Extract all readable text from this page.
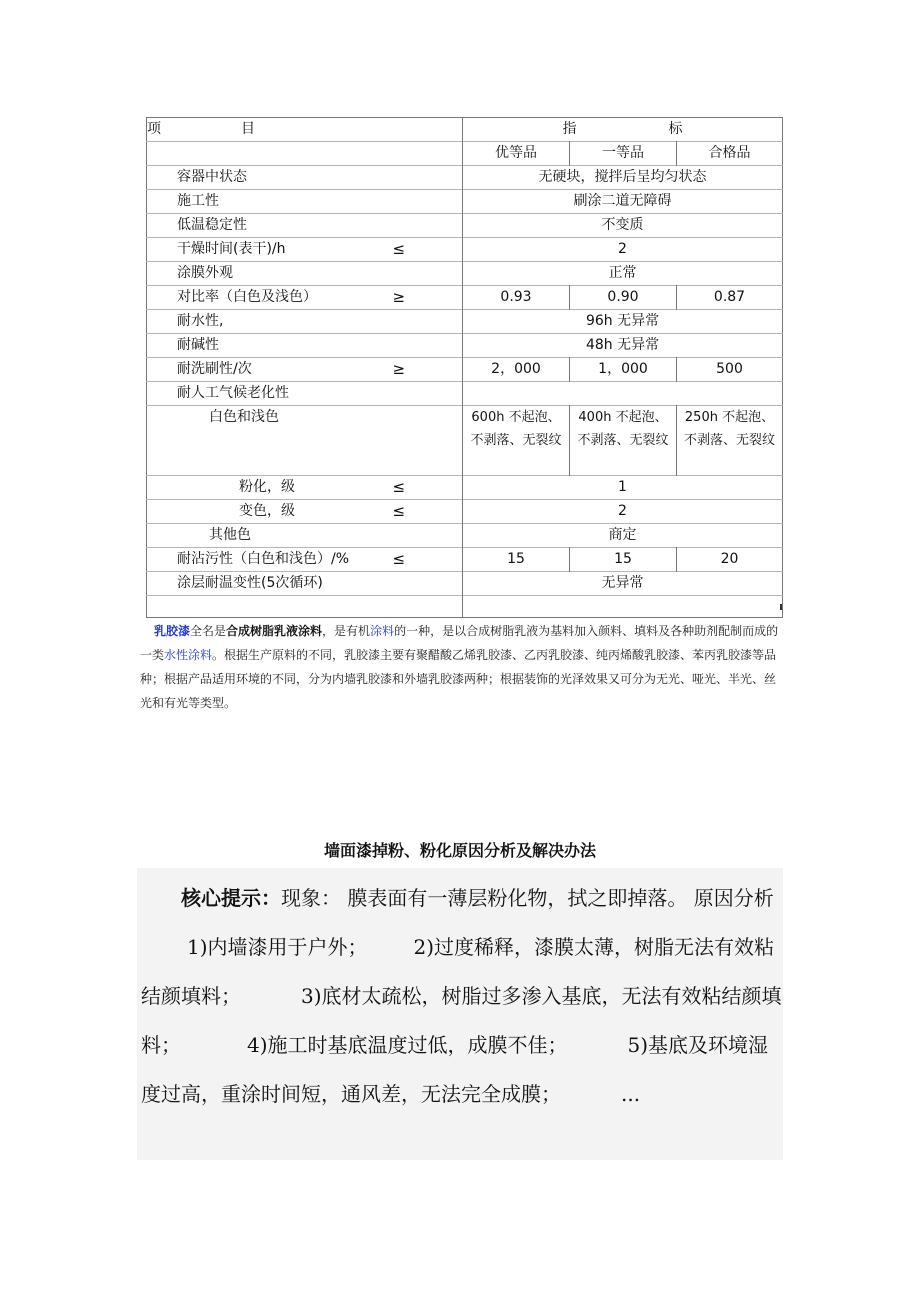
项 目		指 标		
		优等品	一等品	合格品
容器中状态		无硬块，搅拌后呈均匀状态		
施工性		刷涂二道无障碍		
低温稳定性		不变质		
干燥时间(表干)/h	≤	2		
涂膜外观		正常		
对比率（白色及浅色）	≥	0.93	0.90	0.87
耐水性,		96h 无异常		
耐碱性		48h 无异常		
耐洗刷性/次	≥	2，000	1，000	500
耐人工气候老化性				
白色和浅色		600h 不起泡、不剥落、无裂纹	400h 不起泡、不剥落、无裂纹	250h 不起泡、不剥落、无裂纹
粉化，级	≤	1		
变色，级	≤	2		
其他色		商定		
耐沾污性（白色和浅色）/%	≤	15	15	20
涂层耐温变性(5次循环)		无异常		

乳胶漆全名是合成树脂乳液涂料，是有机涂料的一种，是以合成树脂乳液为基料加入颜料、填料及各种助剂配制而成的一类水性涂料。根据生产原料的不同，乳胶漆主要有聚醋酸乙烯乳胶漆、乙丙乳胶漆、纯丙烯酸乳胶漆、苯丙乳胶漆等品种；根据产品适用环境的不同，分为内墙乳胶漆和外墙乳胶漆两种；根据装饰的光泽效果又可分为无光、哑光、半光、丝光和有光等类型。

墙面漆掉粉、粉化原因分析及解决办法

核心提示：现象： 膜表面有一薄层粉化物，拭之即掉落。 原因分析1)内墙漆用于户外； 2)过度稀释，漆膜太薄，树脂无法有效粘结颜填料；	3)底材太疏松，树脂过多渗入基底，无法有效粘结颜填料；	4)施工时基底温度过低，成膜不佳；	5)基底及环境湿度过高，重涂时间短，通风差，无法完全成膜；	...
